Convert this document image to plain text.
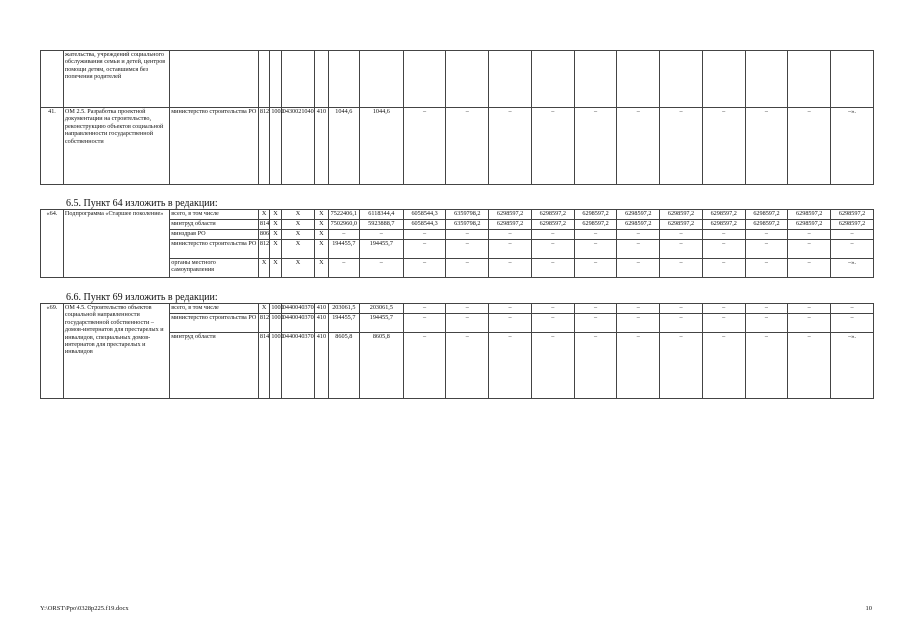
	жательства, учреждений социального обслуживания семьи и детей, центров помощи детям, оставшимся без попечения родителей																		
41.	ОМ 2.5. Разработка проектной документации на строительство, реконструкцию объектов социальной направленности государственной собственности	министерство строительства РО	812	1002	0430021040	410	1044,6	1044,6	–	–	–	–	–	–	–	–	–	–	–».
6.5. Пункт 64 изложить в редакции:
«64.	Подпрограмма «Старшее поколение»	всего, в том числе	Х	Х	Х	Х	7522406,1	6118344,4	6058544,3	6359798,2	6298597,2	6298597,2	6298597,2	6298597,2	6298597,2	6298597,2	6298597,2	6298597,2	6298597,2
		минтруд области	814	Х	Х	Х	7502960,0	5923888,7	6058544,3	6359798,2	6298597,2	6298597,2	6298597,2	6298597,2	6298597,2	6298597,2	6298597,2	6298597,2	6298597,2
		минздрав РО	806	Х	Х	Х	–	–	–	–	–	–	–	–	–	–	–	–	–
		министерство строительства РО	812	Х	Х	Х	194455,7	194455,7	–	–	–	–	–	–	–	–	–	–	–
		органы местного самоуправления	Х	Х	Х	Х	–	–	–	–	–	–	–	–	–	–	–	–	–».
6.6. Пункт 69 изложить в редакции:
«69.	ОМ 4.5. Строительство объектов социальной направленности государственной собственности – домов-интернатов для престарелых и инвалидов, специальных домов-интернатов для престарелых и инвалидов	всего, в том числе	Х	1002	0440040370	410	203061,5	203061,5	–	–	–	–	–	–	–	–	–	–	–
		министерство строительства РО	812	1002	0440040370	410	194455,7	194455,7	–	–	–	–	–	–	–	–	–	–	–
		минтруд области	814	1002	0440040370	410	8605,8	8605,8	–	–	–	–	–	–	–	–	–	–	–».
Y:\ORST\Ppo\0328p225.f19.docx	10
